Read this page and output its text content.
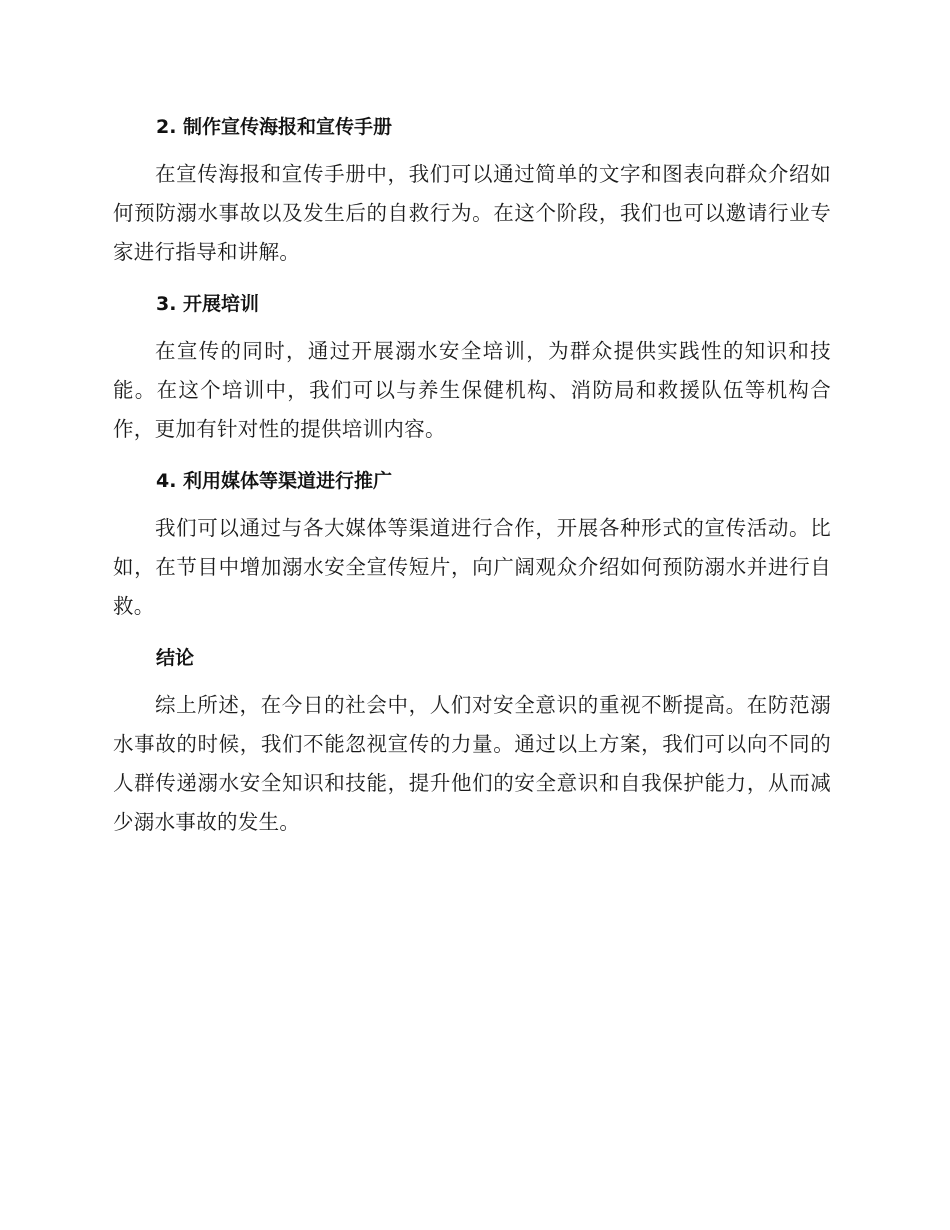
2. 制作宣传海报和宣传手册

在宣传海报和宣传手册中，我们可以通过简单的文字和图表向群众介绍如何预防溺水事故以及发生后的自救行为。在这个阶段，我们也可以邀请行业专家进行指导和讲解。

3. 开展培训

在宣传的同时，通过开展溺水安全培训，为群众提供实践性的知识和技能。在这个培训中，我们可以与养生保健机构、消防局和救援队伍等机构合作，更加有针对性的提供培训内容。

4. 利用媒体等渠道进行推广

我们可以通过与各大媒体等渠道进行合作，开展各种形式的宣传活动。比如，在节目中增加溺水安全宣传短片，向广阔观众介绍如何预防溺水并进行自救。

结论

综上所述，在今日的社会中，人们对安全意识的重视不断提高。在防范溺水事故的时候，我们不能忽视宣传的力量。通过以上方案，我们可以向不同的人群传递溺水安全知识和技能，提升他们的安全意识和自我保护能力，从而减少溺水事故的发生。
